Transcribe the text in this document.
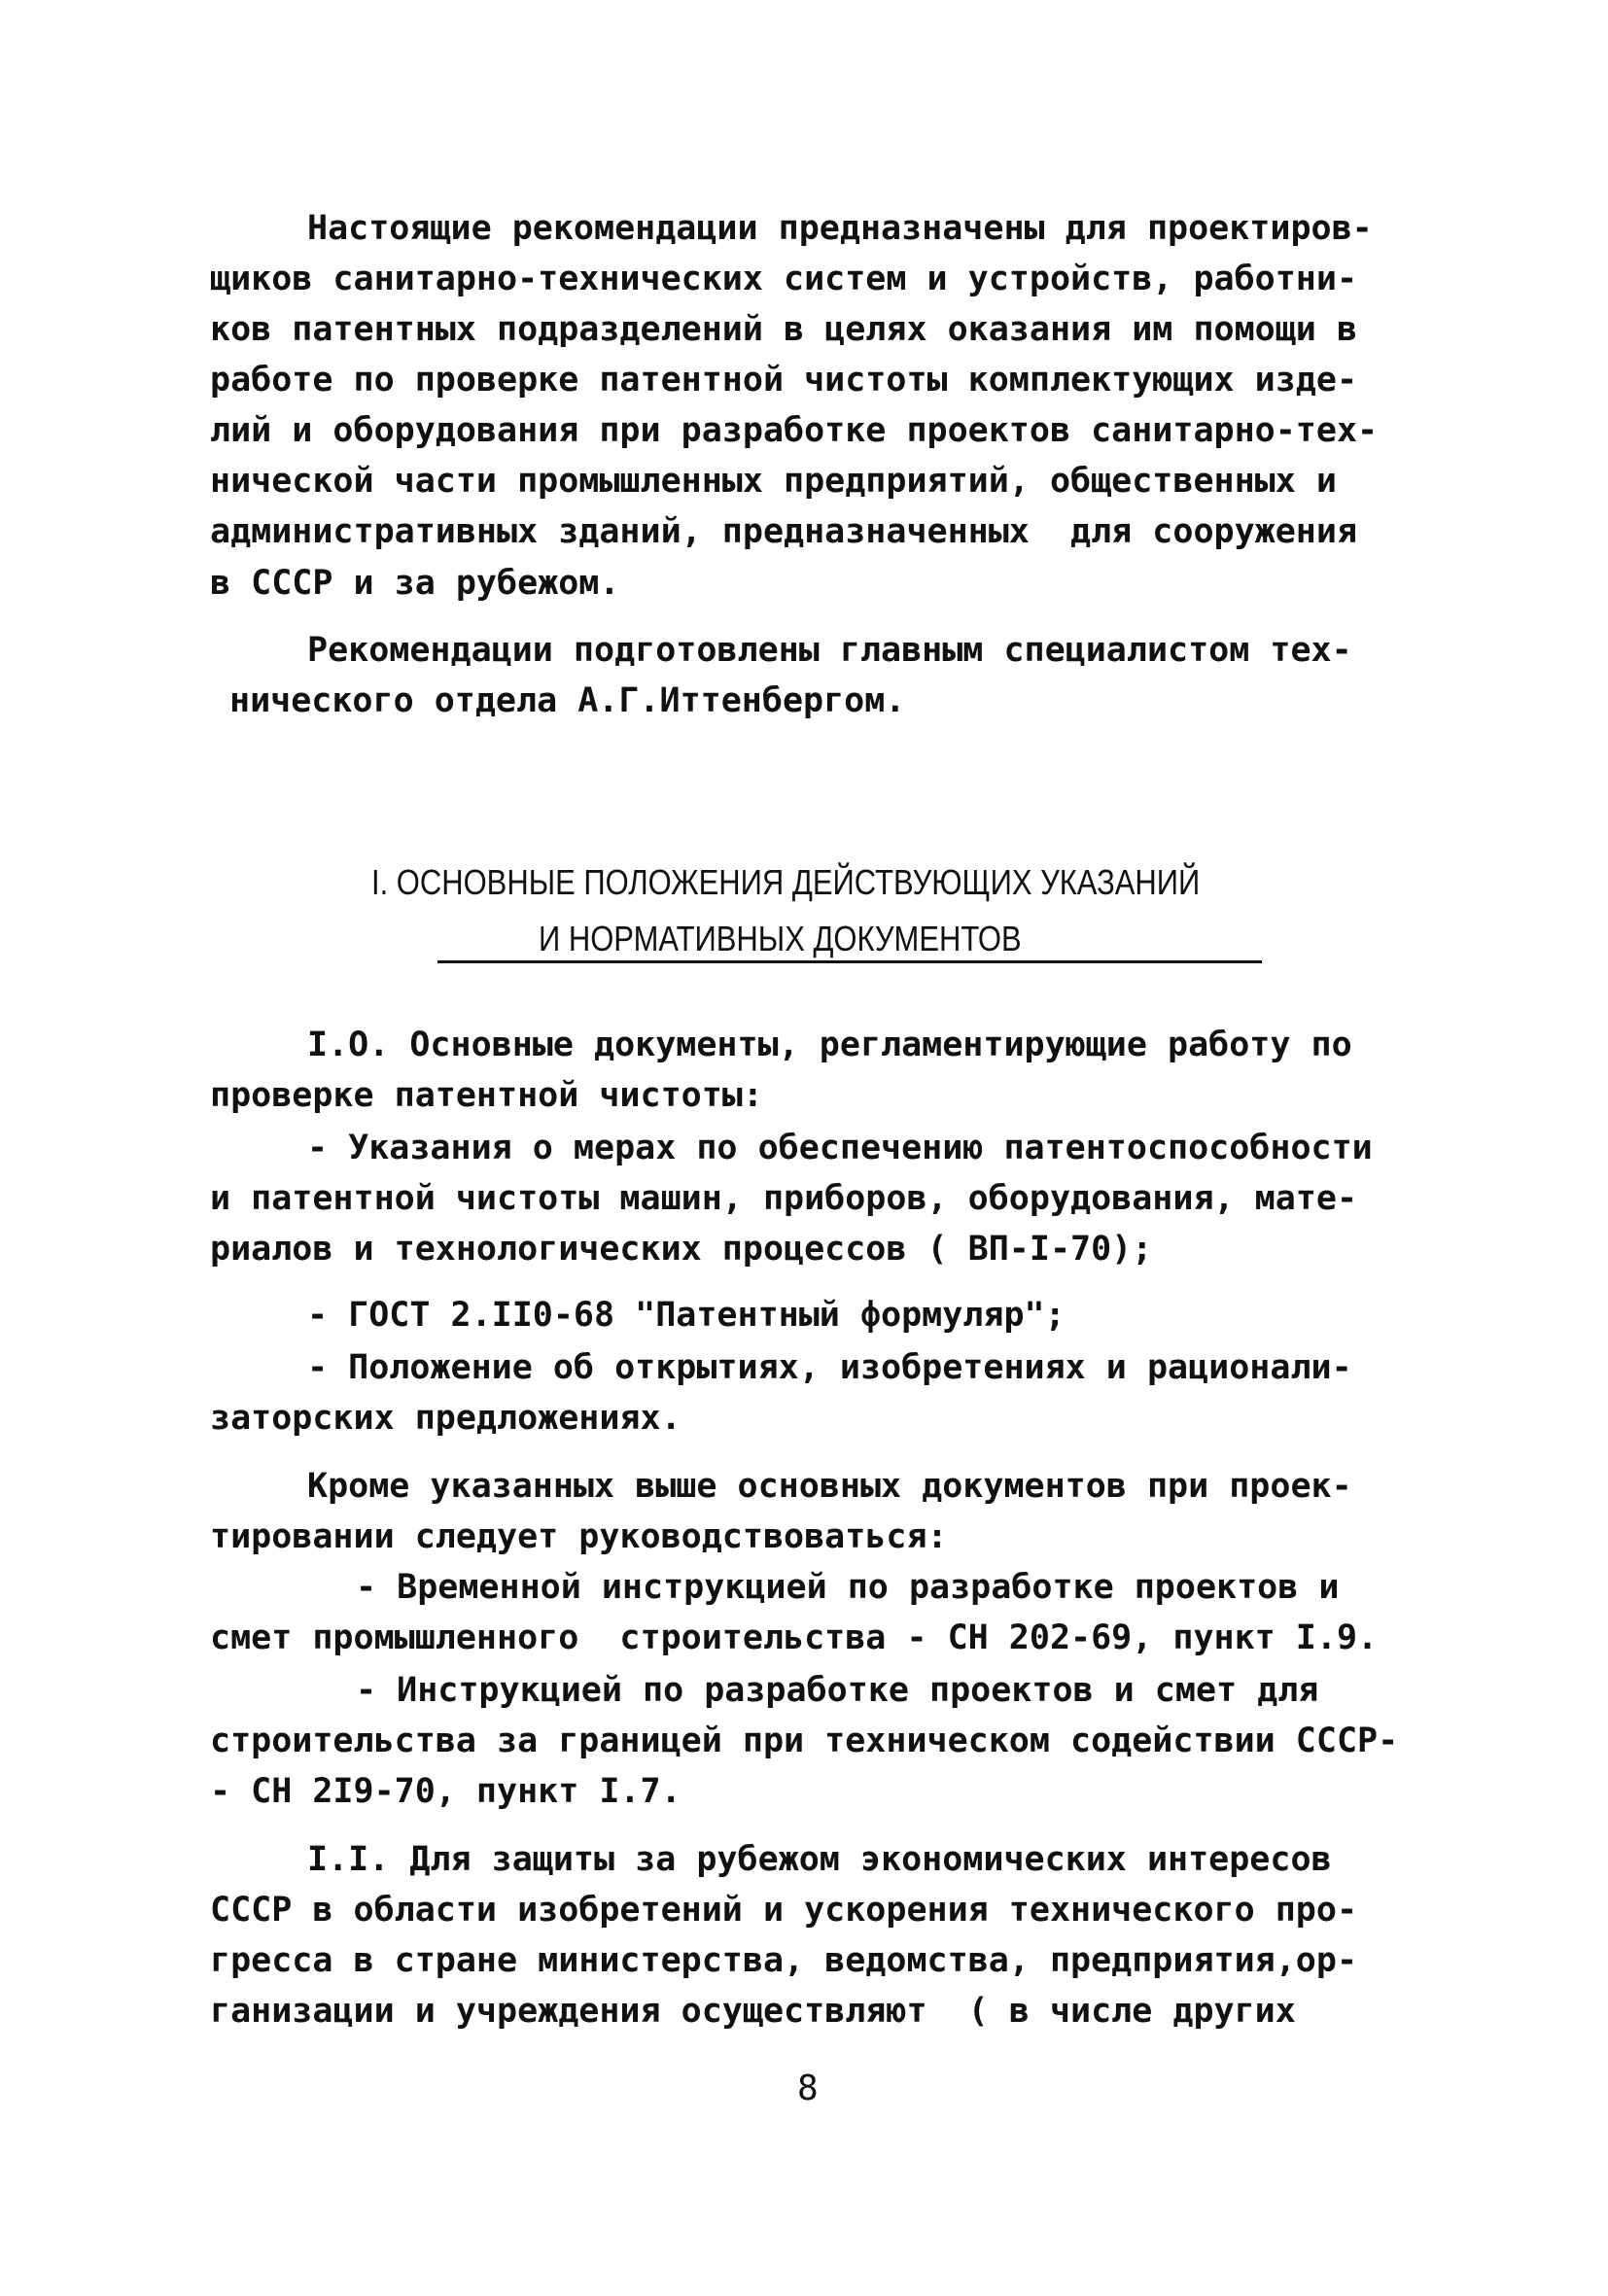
Настоящие рекомендации предназначены для проектиров-
щиков санитарно-технических систем и устройств, работни-
ков патентных подразделений в целях оказания им помощи в
работе по проверке патентной чистоты комплектующих изде-
лий и оборудования при разработке проектов санитарно-тех-
нической части промышленных предприятий, общественных и
административных зданий, предназначенных  для сооружения
в СССР и за рубежом.
Рекомендации подготовлены главным специалистом тех-
нического отдела А.Г.Иттенбергом.
I. ОСНОВНЫЕ ПОЛОЖЕНИЯ ДЕЙСТВУЮЩИХ УКАЗАНИЙ
И НОРМАТИВНЫХ ДОКУМЕНТОВ
I.O. Основные документы, регламентирующие работу по
проверке патентной чистоты:
- Указания о мерах по обеспечению патентоспособности
и патентной чистоты машин, приборов, оборудования, мате-
риалов и технологических процессов ( ВП-I-70);
- ГОСТ 2.II0-68 "Патентный формуляр";
- Положение об открытиях, изобретениях и рационали-
заторских предложениях.
Кроме указанных выше основных документов при проек-
тировании следует руководствоваться:
- Временной инструкцией по разработке проектов и
смет промышленного  строительства - СН 202-69, пункт I.9.
- Инструкцией по разработке проектов и смет для
строительства за границей при техническом содействии СССР-
- СН 2I9-70, пункт I.7.
I.I. Для защиты за рубежом экономических интересов
СССР в области изобретений и ускорения технического про-
гресса в стране министерства, ведомства, предприятия,ор-
ганизации и учреждения осуществляют  ( в числе других
8
